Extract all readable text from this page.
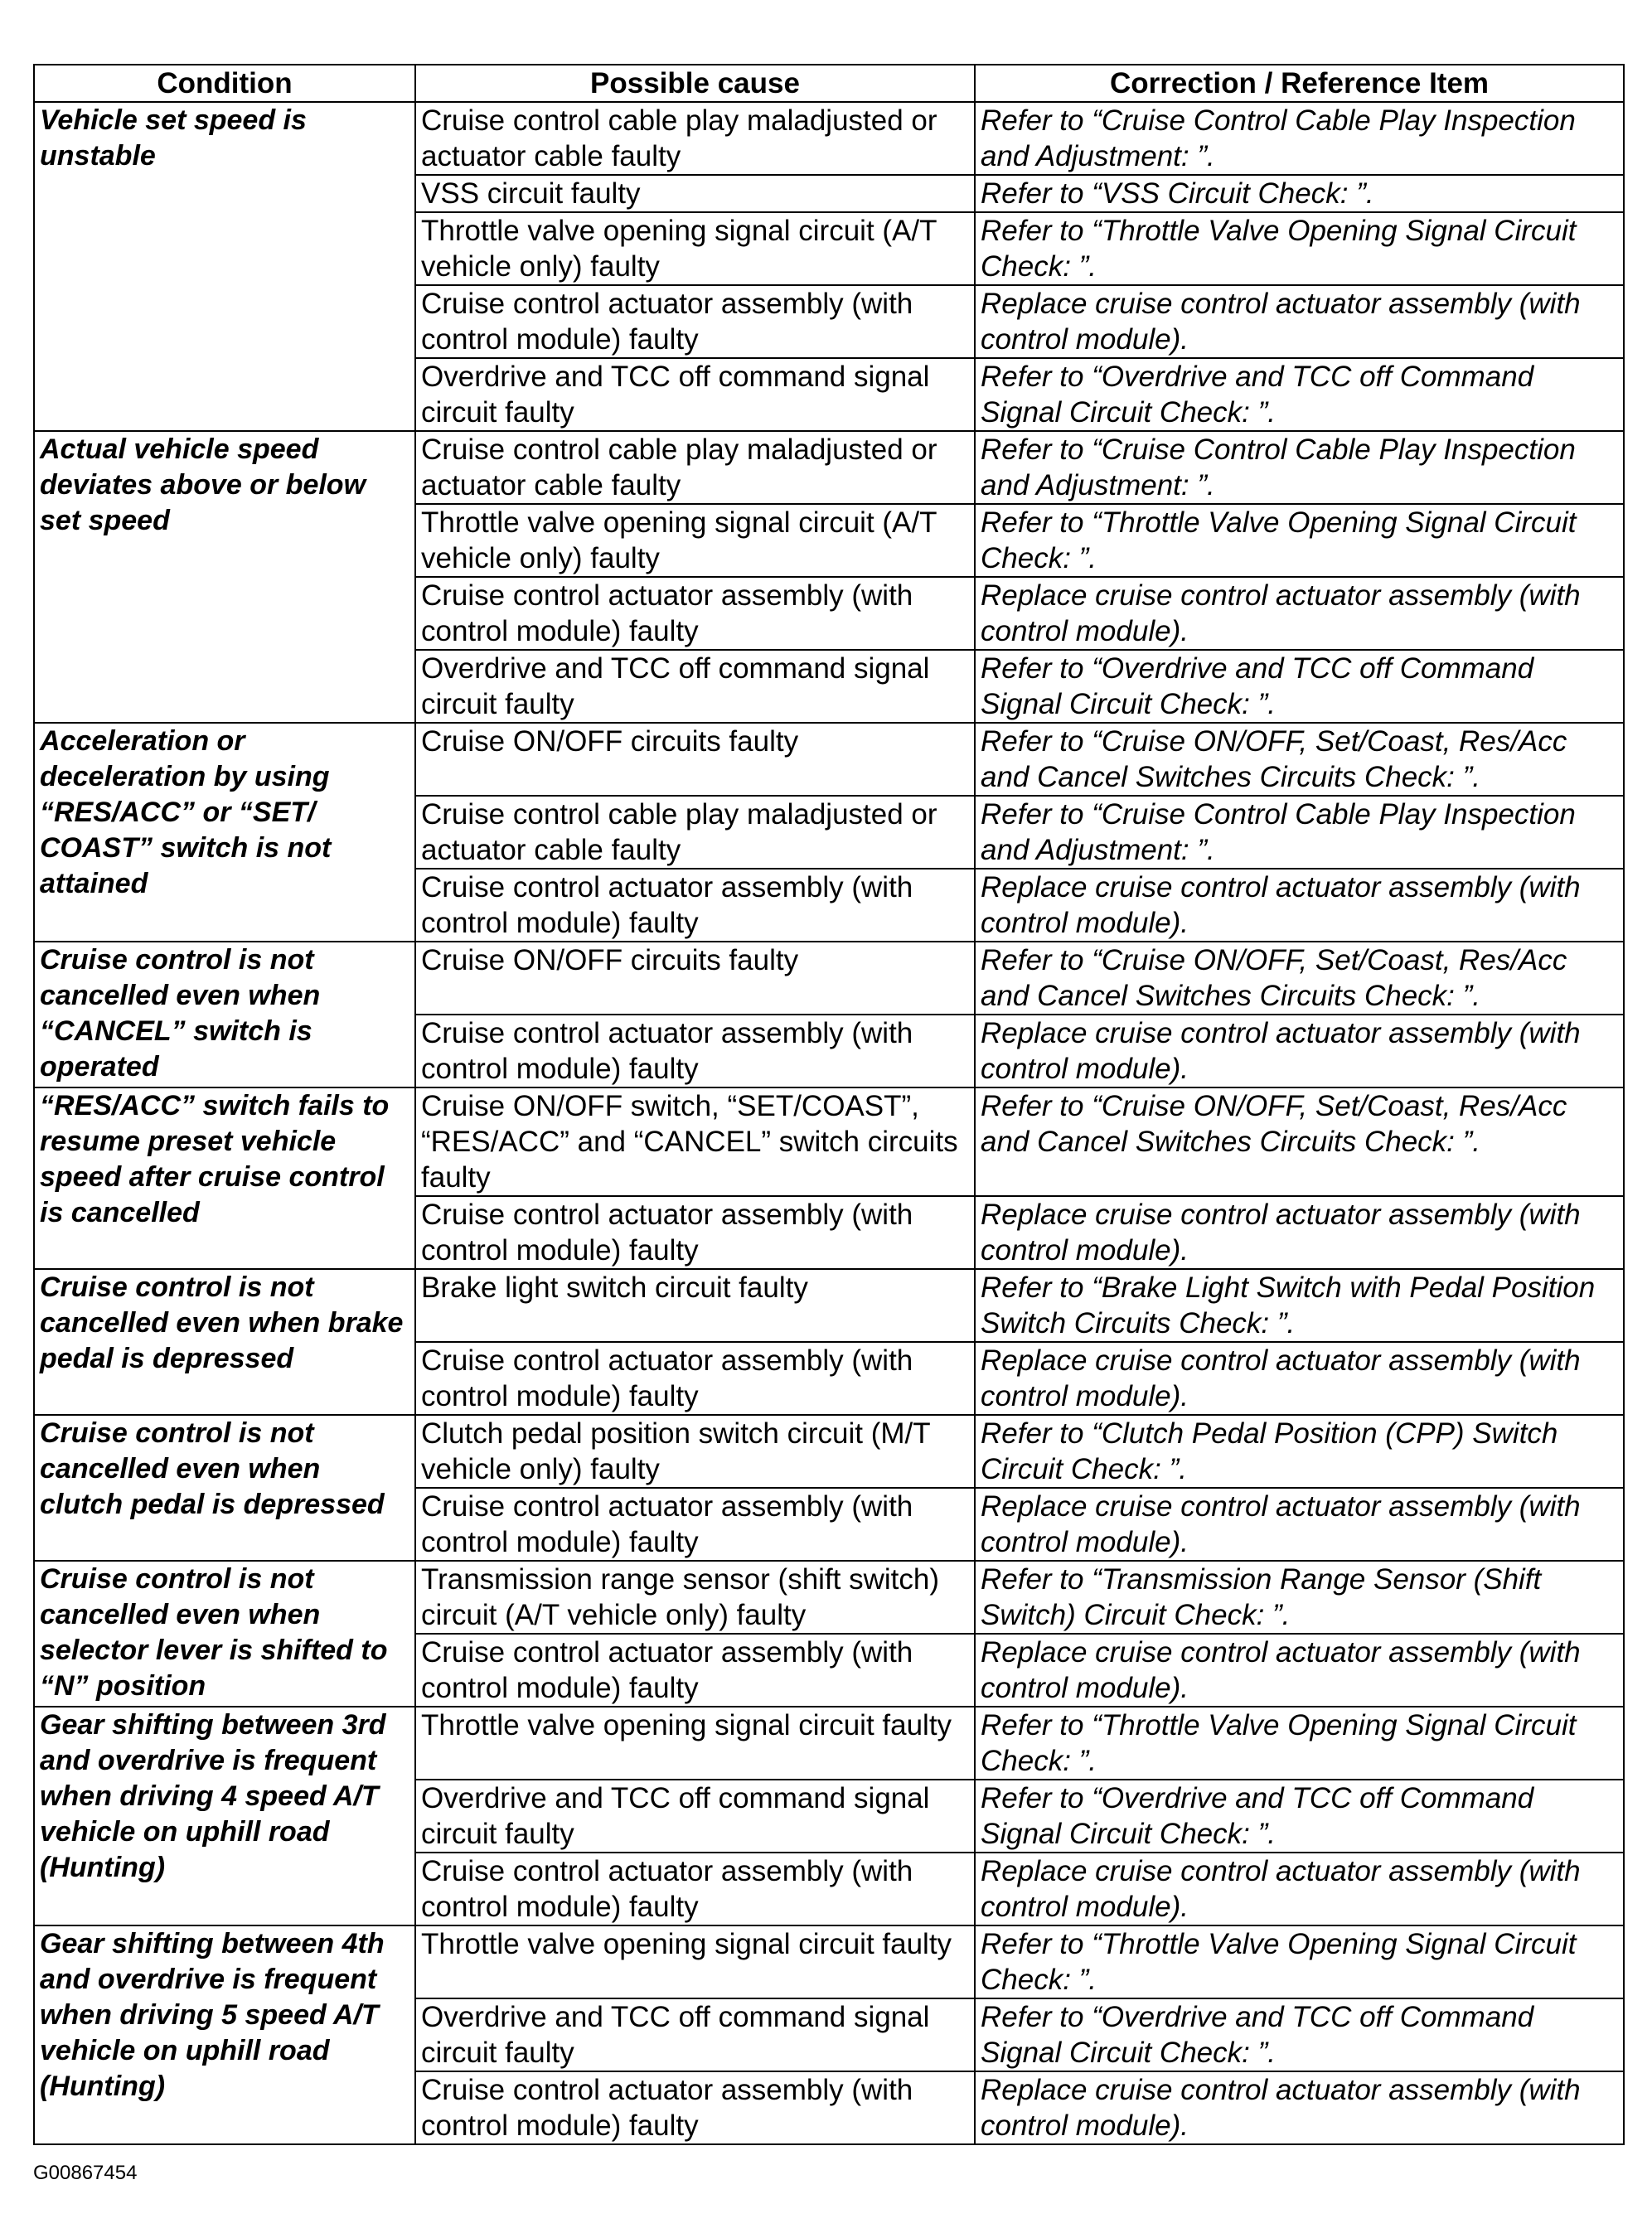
Condition	Possible cause	Correction / Reference Item
Vehicle set speed is unstable	Cruise control cable play maladjusted or actuator cable faulty	Refer to “Cruise Control Cable Play Inspection and Adjustment: ”.
	VSS circuit faulty	Refer to “VSS Circuit Check: ”.
	Throttle valve opening signal circuit (A/T vehicle only) faulty	Refer to “Throttle Valve Opening Signal Circuit Check: ”.
	Cruise control actuator assembly (with control module) faulty	Replace cruise control actuator assembly (with control module).
	Overdrive and TCC off command signal circuit faulty	Refer to “Overdrive and TCC off Command Signal Circuit Check: ”.
Actual vehicle speed deviates above or below set speed	Cruise control cable play maladjusted or actuator cable faulty	Refer to “Cruise Control Cable Play Inspection and Adjustment: ”.
	Throttle valve opening signal circuit (A/T vehicle only) faulty	Refer to “Throttle Valve Opening Signal Circuit Check: ”.
	Cruise control actuator assembly (with control module) faulty	Replace cruise control actuator assembly (with control module).
	Overdrive and TCC off command signal circuit faulty	Refer to “Overdrive and TCC off Command Signal Circuit Check: ”.
Acceleration or deceleration by using “RES/ACC” or “SET/ COAST” switch is not attained	Cruise ON/OFF circuits faulty	Refer to “Cruise ON/OFF, Set/Coast, Res/Acc and Cancel Switches Circuits Check: ”.
	Cruise control cable play maladjusted or actuator cable faulty	Refer to “Cruise Control Cable Play Inspection and Adjustment: ”.
	Cruise control actuator assembly (with control module) faulty	Replace cruise control actuator assembly (with control module).
Cruise control is not cancelled even when “CANCEL” switch is operated	Cruise ON/OFF circuits faulty	Refer to “Cruise ON/OFF, Set/Coast, Res/Acc and Cancel Switches Circuits Check: ”.
	Cruise control actuator assembly (with control module) faulty	Replace cruise control actuator assembly (with control module).
“RES/ACC” switch fails to resume preset vehicle speed after cruise control is cancelled	Cruise ON/OFF switch, “SET/COAST”, “RES/ACC” and “CANCEL” switch circuits faulty	Refer to “Cruise ON/OFF, Set/Coast, Res/Acc and Cancel Switches Circuits Check: ”.
	Cruise control actuator assembly (with control module) faulty	Replace cruise control actuator assembly (with control module).
Cruise control is not cancelled even when brake pedal is depressed	Brake light switch circuit faulty	Refer to “Brake Light Switch with Pedal Position Switch Circuits Check: ”.
	Cruise control actuator assembly (with control module) faulty	Replace cruise control actuator assembly (with control module).
Cruise control is not cancelled even when clutch pedal is depressed	Clutch pedal position switch circuit (M/T vehicle only) faulty	Refer to “Clutch Pedal Position (CPP) Switch Circuit Check: ”.
	Cruise control actuator assembly (with control module) faulty	Replace cruise control actuator assembly (with control module).
Cruise control is not cancelled even when selector lever is shifted to “N” position	Transmission range sensor (shift switch) circuit (A/T vehicle only) faulty	Refer to “Transmission Range Sensor (Shift Switch) Circuit Check: ”.
	Cruise control actuator assembly (with control module) faulty	Replace cruise control actuator assembly (with control module).
Gear shifting between 3rd and overdrive is frequent when driving 4 speed A/T vehicle on uphill road (Hunting)	Throttle valve opening signal circuit faulty	Refer to “Throttle Valve Opening Signal Circuit Check: ”.
	Overdrive and TCC off command signal circuit faulty	Refer to “Overdrive and TCC off Command Signal Circuit Check: ”.
	Cruise control actuator assembly (with control module) faulty	Replace cruise control actuator assembly (with control module).
Gear shifting between 4th and overdrive is frequent when driving 5 speed A/T vehicle on uphill road (Hunting)	Throttle valve opening signal circuit faulty	Refer to “Throttle Valve Opening Signal Circuit Check: ”.
	Overdrive and TCC off command signal circuit faulty	Refer to “Overdrive and TCC off Command Signal Circuit Check: ”.
	Cruise control actuator assembly (with control module) faulty	Replace cruise control actuator assembly (with control module).
G00867454
